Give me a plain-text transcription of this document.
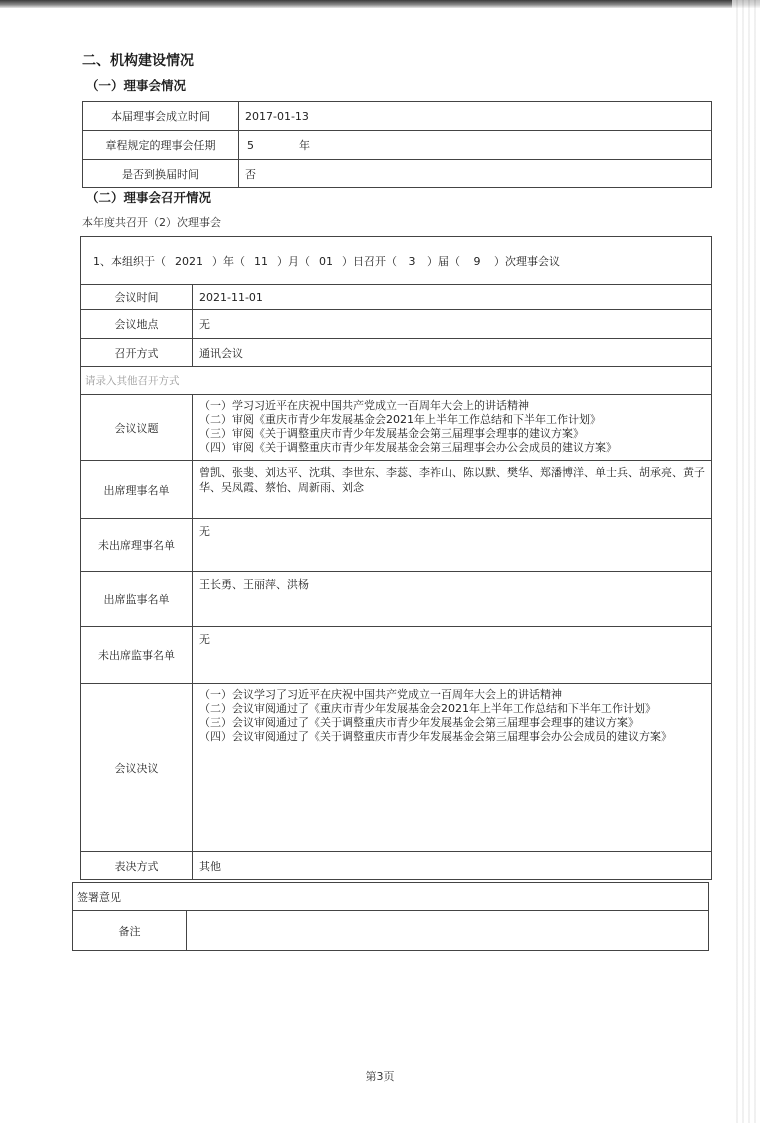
二、机构建设情况
（一）理事会情况
本届理事会成立时间	2017-01-13
章程规定的理事会任期	5 年
是否到换届时间	否
（二）理事会召开情况
本年度共召开（2）次理事会
1、本组织于（ 2021 ）年（ 11 ）月（ 01 ）日召开（ 3 ）届（ 9 ）次理事会议	
会议时间	2021-11-01
会议地点	无
召开方式	通讯会议
请录入其他召开方式	
会议议题	（一）学习习近平在庆祝中国共产党成立一百周年大会上的讲话精神
（二）审阅《重庆市青少年发展基金会2021年上半年工作总结和下半年工作计划》
（三）审阅《关于调整重庆市青少年发展基金会第三届理事会理事的建议方案》
（四）审阅《关于调整重庆市青少年发展基金会第三届理事会办公会成员的建议方案》

出席理事名单	曾凯、张斐、刘达平、沈琪、李世东、李蕊、李祚山、陈以默、樊华、郑潘博洋、单士兵、胡承亮、黄子华、吴凤霞、蔡怡、周新雨、刘念
未出席理事名单	无
出席监事名单	王长勇、王丽萍、洪杨
未出席监事名单	无
会议决议	（一）会议学习了习近平在庆祝中国共产党成立一百周年大会上的讲话精神
（二）会议审阅通过了《重庆市青少年发展基金会2021年上半年工作总结和下半年工作计划》
（三）会议审阅通过了《关于调整重庆市青少年发展基金会第三届理事会理事的建议方案》
（四）会议审阅通过了《关于调整重庆市青少年发展基金会第三届理事会办公会成员的建议方案》

表决方式	其他
签署意见
备注	
第3页
